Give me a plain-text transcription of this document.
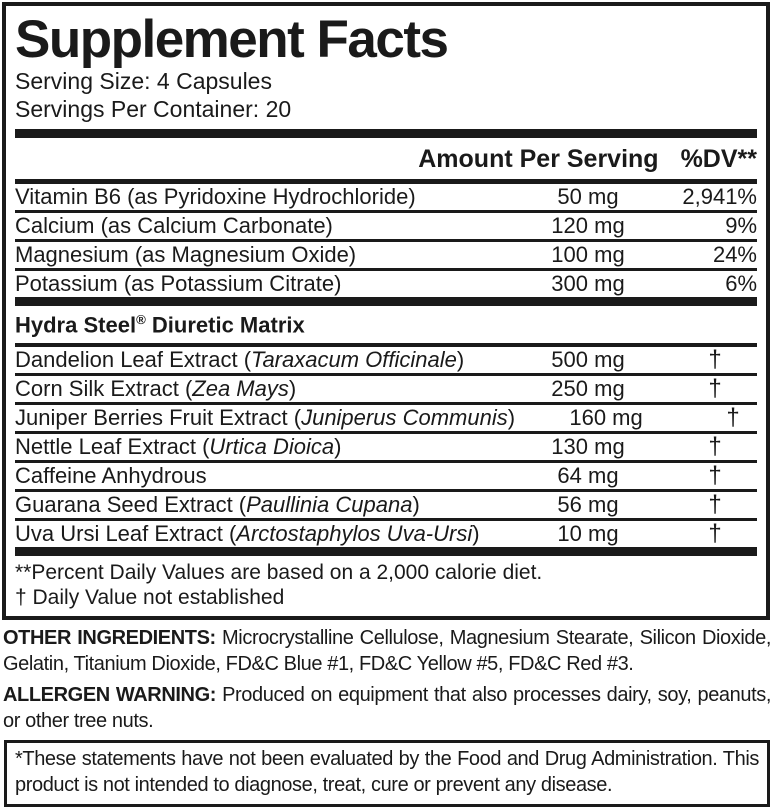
Supplement Facts
Serving Size: 4 Capsules
Servings Per Container: 20
Amount Per Serving %DV**
Vitamin B6 (as Pyridoxine Hydrochloride)	50 mg	2,941%
Calcium (as Calcium Carbonate)	120 mg	9%
Magnesium (as Magnesium Oxide)	100 mg	24%
Potassium (as Potassium Citrate)	300 mg	6%
Hydra Steel® Diuretic Matrix
Dandelion Leaf Extract (Taraxacum Officinale)	500 mg	†
Corn Silk Extract (Zea Mays)	250 mg	†
Juniper Berries Fruit Extract (Juniperus Communis)	160 mg	†
Nettle Leaf Extract (Urtica Dioica)	130 mg	†
Caffeine Anhydrous	64 mg	†
Guarana Seed Extract (Paullinia Cupana)	56 mg	†
Uva Ursi Leaf Extract (Arctostaphylos Uva-Ursi)	10 mg	†
**Percent Daily Values are based on a 2,000 calorie diet.
† Daily Value not established

OTHER INGREDIENTS: Microcrystalline Cellulose, Magnesium Stearate, Silicon Dioxide,
Gelatin, Titanium Dioxide, FD&C Blue #1, FD&C Yellow #5, FD&C Red #3.

ALLERGEN WARNING: Produced on equipment that also processes dairy, soy, peanuts,
or other tree nuts.

*These statements have not been evaluated by the Food and Drug Administration. This
product is not intended to diagnose, treat, cure or prevent any disease.
